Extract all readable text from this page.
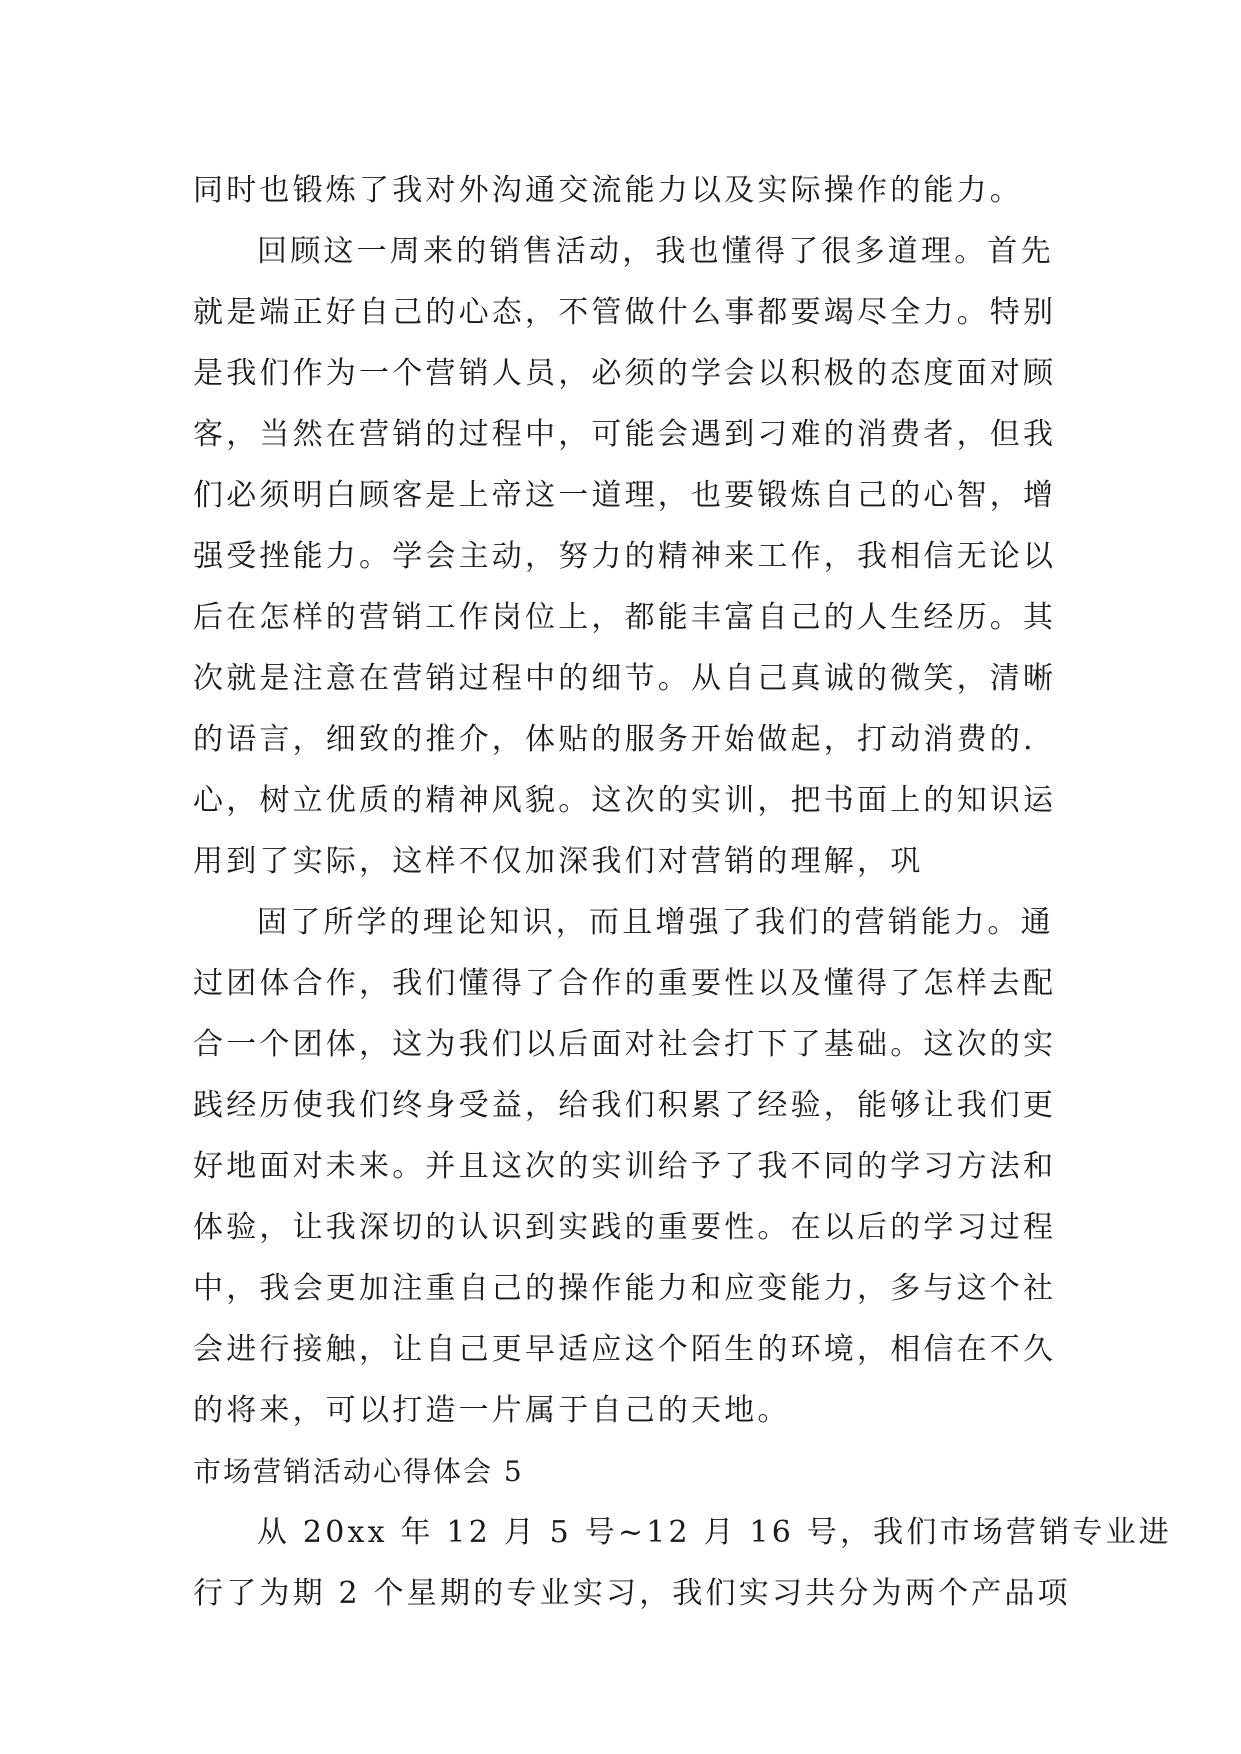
同时也锻炼了我对外沟通交流能力以及实际操作的能力。
回顾这一周来的销售活动，我也懂得了很多道理。首先
就是端正好自己的心态，不管做什么事都要竭尽全力。特别
是我们作为一个营销人员，必须的学会以积极的态度面对顾
客，当然在营销的过程中，可能会遇到刁难的消费者，但我
们必须明白顾客是上帝这一道理，也要锻炼自己的心智，增
强受挫能力。学会主动，努力的精神来工作，我相信无论以
后在怎样的营销工作岗位上，都能丰富自己的人生经历。其
次就是注意在营销过程中的细节。从自己真诚的微笑，清晰
的语言，细致的推介，体贴的服务开始做起，打动消费的.
心，树立优质的精神风貌。这次的实训，把书面上的知识运
用到了实际，这样不仅加深我们对营销的理解，巩
固了所学的理论知识，而且增强了我们的营销能力。通
过团体合作，我们懂得了合作的重要性以及懂得了怎样去配
合一个团体，这为我们以后面对社会打下了基础。这次的实
践经历使我们终身受益，给我们积累了经验，能够让我们更
好地面对未来。并且这次的实训给予了我不同的学习方法和
体验，让我深切的认识到实践的重要性。在以后的学习过程
中，我会更加注重自己的操作能力和应变能力，多与这个社
会进行接触，让自己更早适应这个陌生的环境，相信在不久
的将来，可以打造一片属于自己的天地。
市场营销活动心得体会 5
从 20xx 年 12 月 5 号~12 月 16 号，我们市场营销专业进
行了为期 2 个星期的专业实习，我们实习共分为两个产品项
